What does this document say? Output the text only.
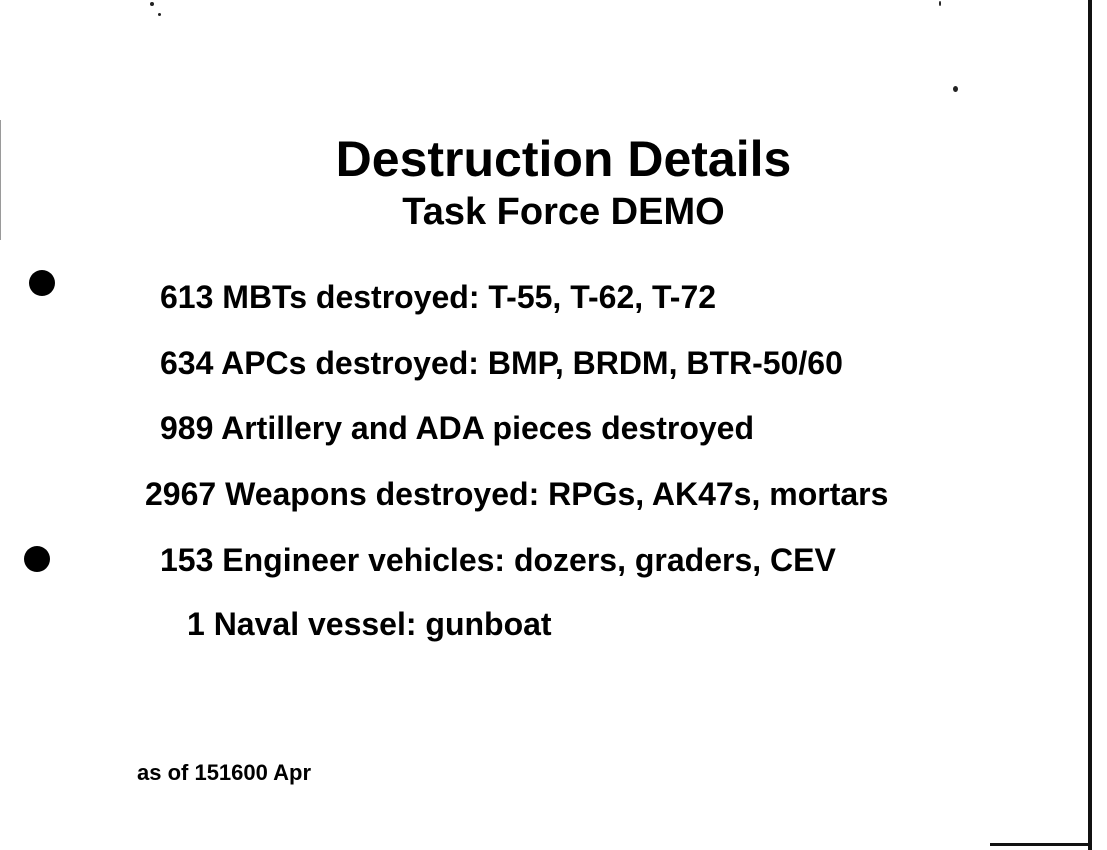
Destruction Details
Task Force DEMO

613 MBTs destroyed: T-55, T-62, T-72

634 APCs destroyed: BMP, BRDM, BTR-50/60

989 Artillery and ADA pieces destroyed

2967 Weapons destroyed: RPGs, AK47s, mortars

153 Engineer vehicles: dozers, graders, CEV

1 Naval vessel: gunboat

as of 151600 Apr
